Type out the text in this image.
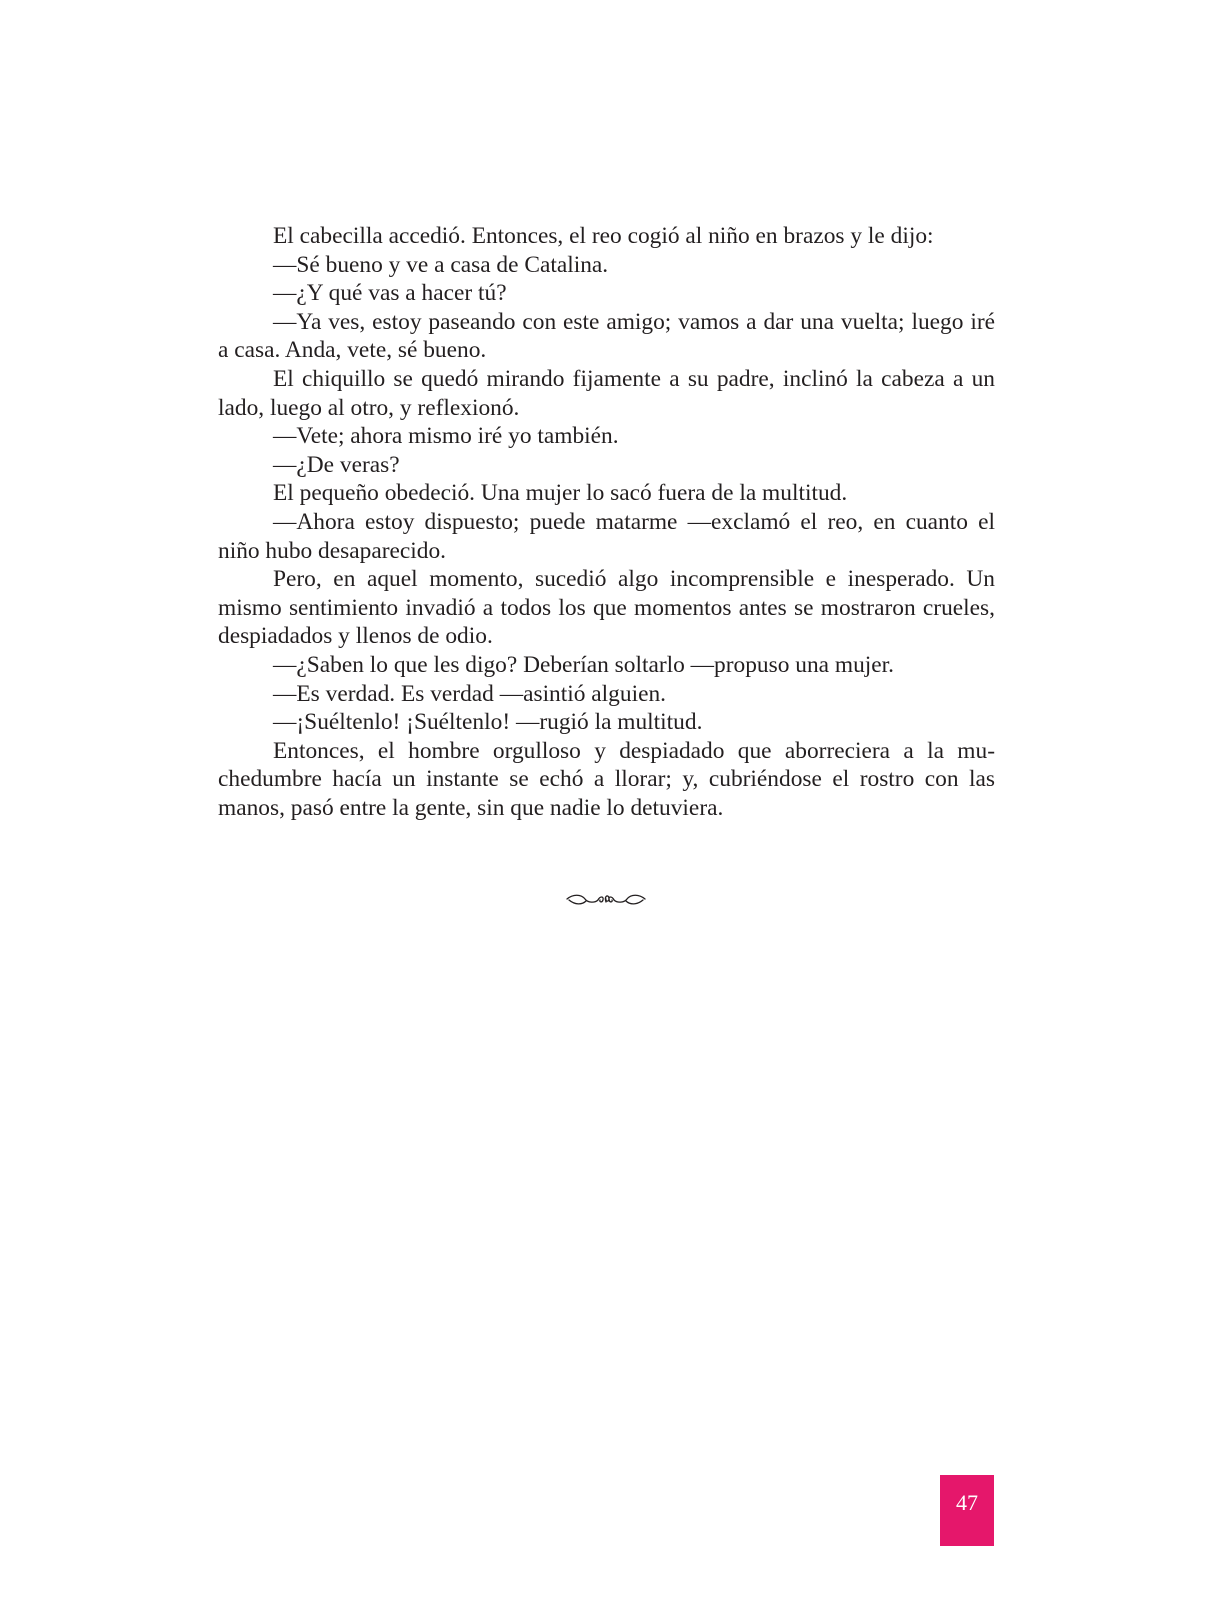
El cabecilla accedió. Entonces, el reo cogió al niño en brazos y le dijo:

—Sé bueno y ve a casa de Catalina.

—¿Y qué vas a hacer tú?

—Ya ves, estoy paseando con este amigo; vamos a dar una vuelta; luego iré a casa. Anda, vete, sé bueno.

El chiquillo se quedó mirando fijamente a su padre, inclinó la cabeza a un lado, luego al otro, y reflexionó.

—Vete; ahora mismo iré yo también.

—¿De veras?

El pequeño obedeció. Una mujer lo sacó fuera de la multitud.

—Ahora estoy dispuesto; puede matarme —exclamó el reo, en cuanto el niño hubo desaparecido.

Pero, en aquel momento, sucedió algo incomprensible e inesperado. Un mismo sentimiento invadió a todos los que momentos antes se mostraron crueles, despiadados y llenos de odio.

—¿Saben lo que les digo? Deberían soltarlo —propuso una mujer.

—Es verdad. Es verdad —asintió alguien.

—¡Suéltenlo! ¡Suéltenlo! —rugió la multitud.

Entonces, el hombre orgulloso y despiadado que aborreciera a la muchedumbre hacía un instante se echó a llorar; y, cubriéndose el rostro con las manos, pasó entre la gente, sin que nadie lo detuviera.

47
